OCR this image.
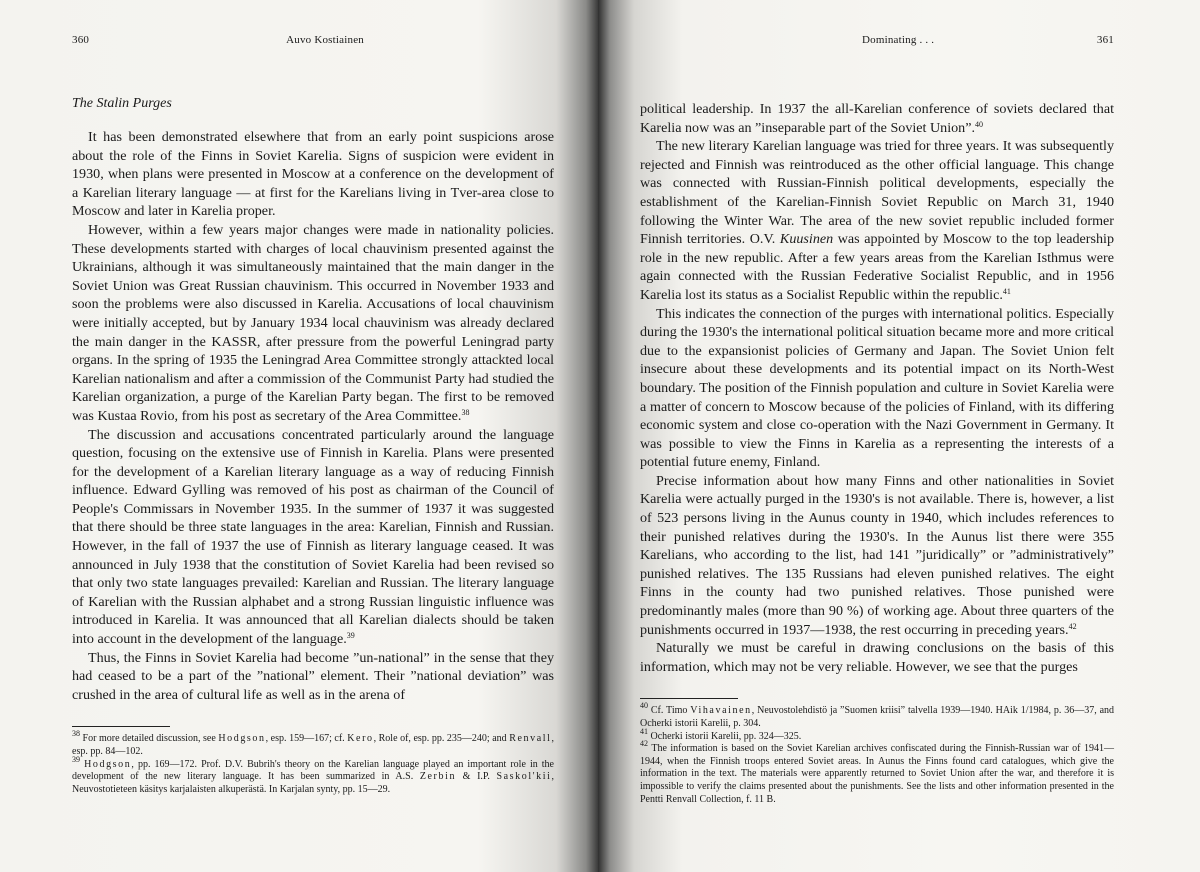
360	Auvo Kostiainen
The Stalin Purges

It has been demonstrated elsewhere that from an early point suspicions arose about the role of the Finns in Soviet Karelia. Signs of suspicion were evident in 1930, when plans were presented in Moscow at a conference on the development of a Karelian literary language — at first for the Karelians living in Tver-area close to Moscow and later in Karelia proper.

However, within a few years major changes were made in nationality policies. These developments started with charges of local chauvinism presented against the Ukrainians, although it was simultaneously maintained that the main danger in the Soviet Union was Great Russian chauvinism. This occurred in November 1933 and soon the problems were also discussed in Karelia. Accusations of local chauvinism were initially accepted, but by January 1934 local chauvinism was already declared the main danger in the KASSR, after pressure from the powerful Leningrad party organs. In the spring of 1935 the Leningrad Area Committee strongly attackted local Karelian nationalism and after a commission of the Communist Party had studied the Karelian organization, a purge of the Karelian Party began. The first to be removed was Kustaa Rovio, from his post as secretary of the Area Committee.$^{38}$

The discussion and accusations concentrated particularly around the language question, focusing on the extensive use of Finnish in Karelia. Plans were presented for the development of a Karelian literary language as a way of reducing Finnish influence. Edward Gylling was removed of his post as chairman of the Council of People's Commissars in November 1935. In the summer of 1937 it was suggested that there should be three state languages in the area: Karelian, Finnish and Russian. However, in the fall of 1937 the use of Finnish as literary language ceased. It was announced in July 1938 that the constitution of Soviet Karelia had been revised so that only two state languages prevailed: Karelian and Russian. The literary language of Karelian with the Russian alphabet and a strong Russian linguistic influence was introduced in Karelia. It was announced that all Karelian dialects should be taken into account in the development of the language.$^{39}$

Thus, the Finns in Soviet Karelia had become ”un-national” in the sense that they had ceased to be a part of the ”national” element. Their ”national deviation” was crushed in the area of cultural life as well as in the arena of

$^{38}$ For more detailed discussion, see Hodgson, esp. 159—167; cf. Kero, Role of, esp. pp. 235—240; and Renvall, esp. pp. 84—102.

$^{39}$ Hodgson, pp. 169—172. Prof. D.V. Bubrih's theory on the Karelian language played an important role in the development of the new literary language. It has been summarized in A.S. Zerbin & I.P. Saskol'kii, Neuvostotieteen käsitys karjalaisten alkuperästä. In Karjalan synty, pp. 15—29.

Dominating . . .	361

political leadership. In 1937 the all-Karelian conference of soviets declared that Karelia now was an ”inseparable part of the Soviet Union”.$^{40}$

The new literary Karelian language was tried for three years. It was subsequently rejected and Finnish was reintroduced as the other official language. This change was connected with Russian-Finnish political developments, especially the establishment of the Karelian-Finnish Soviet Republic on March 31, 1940 following the Winter War. The area of the new soviet republic included former Finnish territories. O.V. Kuusinen was appointed by Moscow to the top leadership role in the new republic. After a few years areas from the Karelian Isthmus were again connected with the Russian Federative Socialist Republic, and in 1956 Karelia lost its status as a Socialist Republic within the republic.$^{41}$

This indicates the connection of the purges with international politics. Especially during the 1930's the international political situation became more and more critical due to the expansionist policies of Germany and Japan. The Soviet Union felt insecure about these developments and its potential impact on its North-West boundary. The position of the Finnish population and culture in Soviet Karelia were a matter of concern to Moscow because of the policies of Finland, with its differing economic system and close co-operation with the Nazi Government in Germany. It was possible to view the Finns in Karelia as a representing the interests of a potential future enemy, Finland.

Precise information about how many Finns and other nationalities in Soviet Karelia were actually purged in the 1930's is not available. There is, however, a list of 523 persons living in the Aunus county in 1940, which includes references to their punished relatives during the 1930's. In the Aunus list there were 355 Karelians, who according to the list, had 141 ”juridically” or ”administratively” punished relatives. The 135 Russians had eleven punished relatives. The eight Finns in the county had two punished relatives. Those punished were predominantly males (more than 90 %) of working age. About three quarters of the punishments occurred in 1937—1938, the rest occurring in preceding years.$^{42}$

Naturally we must be careful in drawing conclusions on the basis of this information, which may not be very reliable. However, we see that the purges

$^{40}$ Cf. Timo Vihavainen, Neuvostolehdistö ja ”Suomen kriisi” talvella 1939—1940. HAik 1/1984, p. 36—37, and Ocherki istorii Karelii, p. 304.

$^{41}$ Ocherki istorii Karelii, pp. 324—325.

$^{42}$ The information is based on the Soviet Karelian archives confiscated during the Finnish-Russian war of 1941—1944, when the Finnish troops entered Soviet areas. In Aunus the Finns found card catalogues, which give the information in the text. The materials were apparently returned to Soviet Union after the war, and therefore it is impossible to verify the claims presented about the punishments. See the lists and other information presented in the Pentti Renvall Collection, f. 11 B.
